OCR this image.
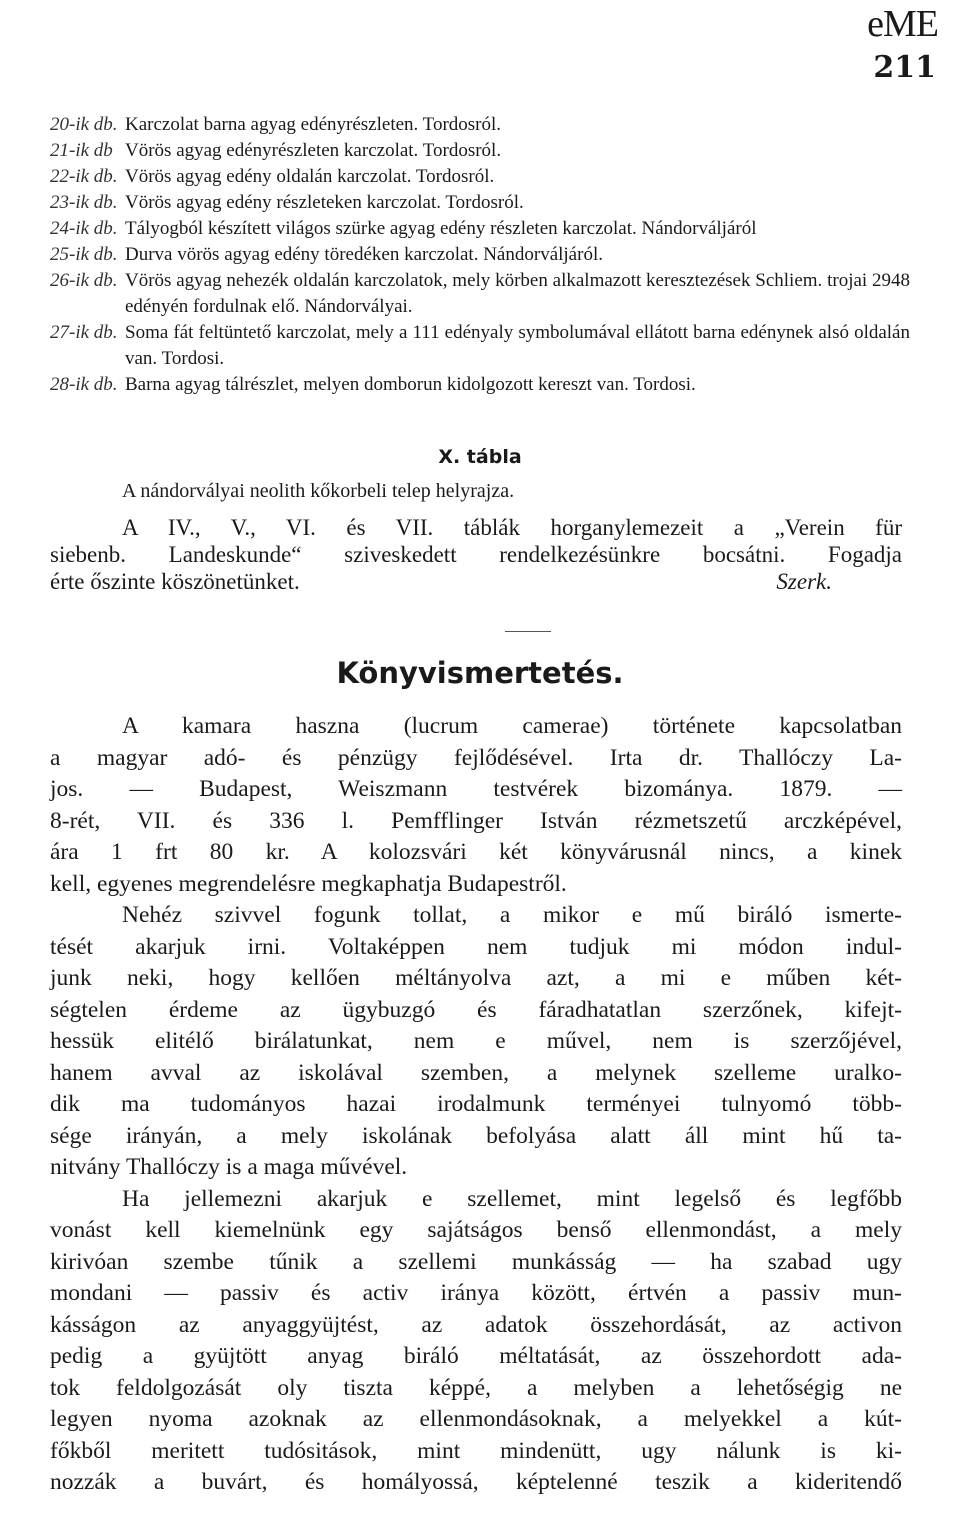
eME
211
20-ik db. Karczolat barna agyag edényrészleten. Tordosról.
21-ik db Vörös agyag edényrészleten karczolat. Tordosról.
22-ik db. Vörös agyag edény oldalán karczolat. Tordosról.
23-ik db. Vörös agyag edény részleteken karczolat. Tordosról.
24-ik db. Tályogból készített világos szürke agyag edény részleten karczolat. Nándorváljáról
25-ik db. Durva vörös agyag edény töredéken karczolat. Nándorváljáról.
26-ik db. Vörös agyag nehezék oldalán karczolatok, mely körben alkalmazott keresztezések Schliem. trojai 2948 edényén fordulnak elő. Nándorvályai.
27-ik db. Soma fát feltüntető karczolat, mely a 111 edényaly symbolumával ellátott barna edénynek alsó oldalán van. Tordosi.
28-ik db. Barna agyag tálrészlet, melyen domborun kidolgozott kereszt van. Tordosi.
X. tábla
A nándorvályai neolith kőkorbeli telep helyrajza.
A IV., V., VI. és VII. táblák horganylemezeit a „Verein für
siebenb. Landeskunde“ sziveskedett rendelkezésünkre bocsátni. Fogadja
érte őszinte köszönetünket.	Szerk.
Könyvismertetés.
A kamara haszna (lucrum camerae) története kapcsolatban
a magyar adó- és pénzügy fejlődésével. Irta dr. Thallóczy La-
jos. — Budapest, Weiszmann testvérek bizománya. 1879. —
8-rét, VII. és 336 l. Pemfflinger István rézmetszetű arczképével,
ára 1 frt 80 kr. A kolozsvári két könyvárusnál nincs, a kinek
kell, egyenes megrendelésre megkaphatja Budapestről.
Nehéz szivvel fogunk tollat, a mikor e mű biráló ismerte-
tését akarjuk irni. Voltaképpen nem tudjuk mi módon indul-
junk neki, hogy kellően méltányolva azt, a mi e műben két-
ségtelen érdeme az ügybuzgó és fáradhatatlan szerzőnek, kifejt-
hessük elitélő birálatunkat, nem e művel, nem is szerzőjével,
hanem avval az iskolával szemben, a melynek szelleme uralko-
dik ma tudományos hazai irodalmunk terményei tulnyomó több-
sége irányán, a mely iskolának befolyása alatt áll mint hű ta-
nitvány Thallóczy is a maga művével.
Ha jellemezni akarjuk e szellemet, mint legelső és legfőbb
vonást kell kiemelnünk egy sajátságos benső ellenmondást, a mely
kirivóan szembe tűnik a szellemi munkásság — ha szabad ugy
mondani — passiv és activ iránya között, értvén a passiv mun-
kásságon az anyaggyüjtést, az adatok összehordását, az activon
pedig a gyüjtött anyag biráló méltatását, az összehordott ada-
tok feldolgozását oly tiszta képpé, a melyben a lehetőségig ne
legyen nyoma azoknak az ellenmondásoknak, a melyekkel a kút-
főkből meritett tudósitások, mint mindenütt, ugy nálunk is ki-
nozzák a buvárt, és homályossá, képtelenné teszik a kideritendő
